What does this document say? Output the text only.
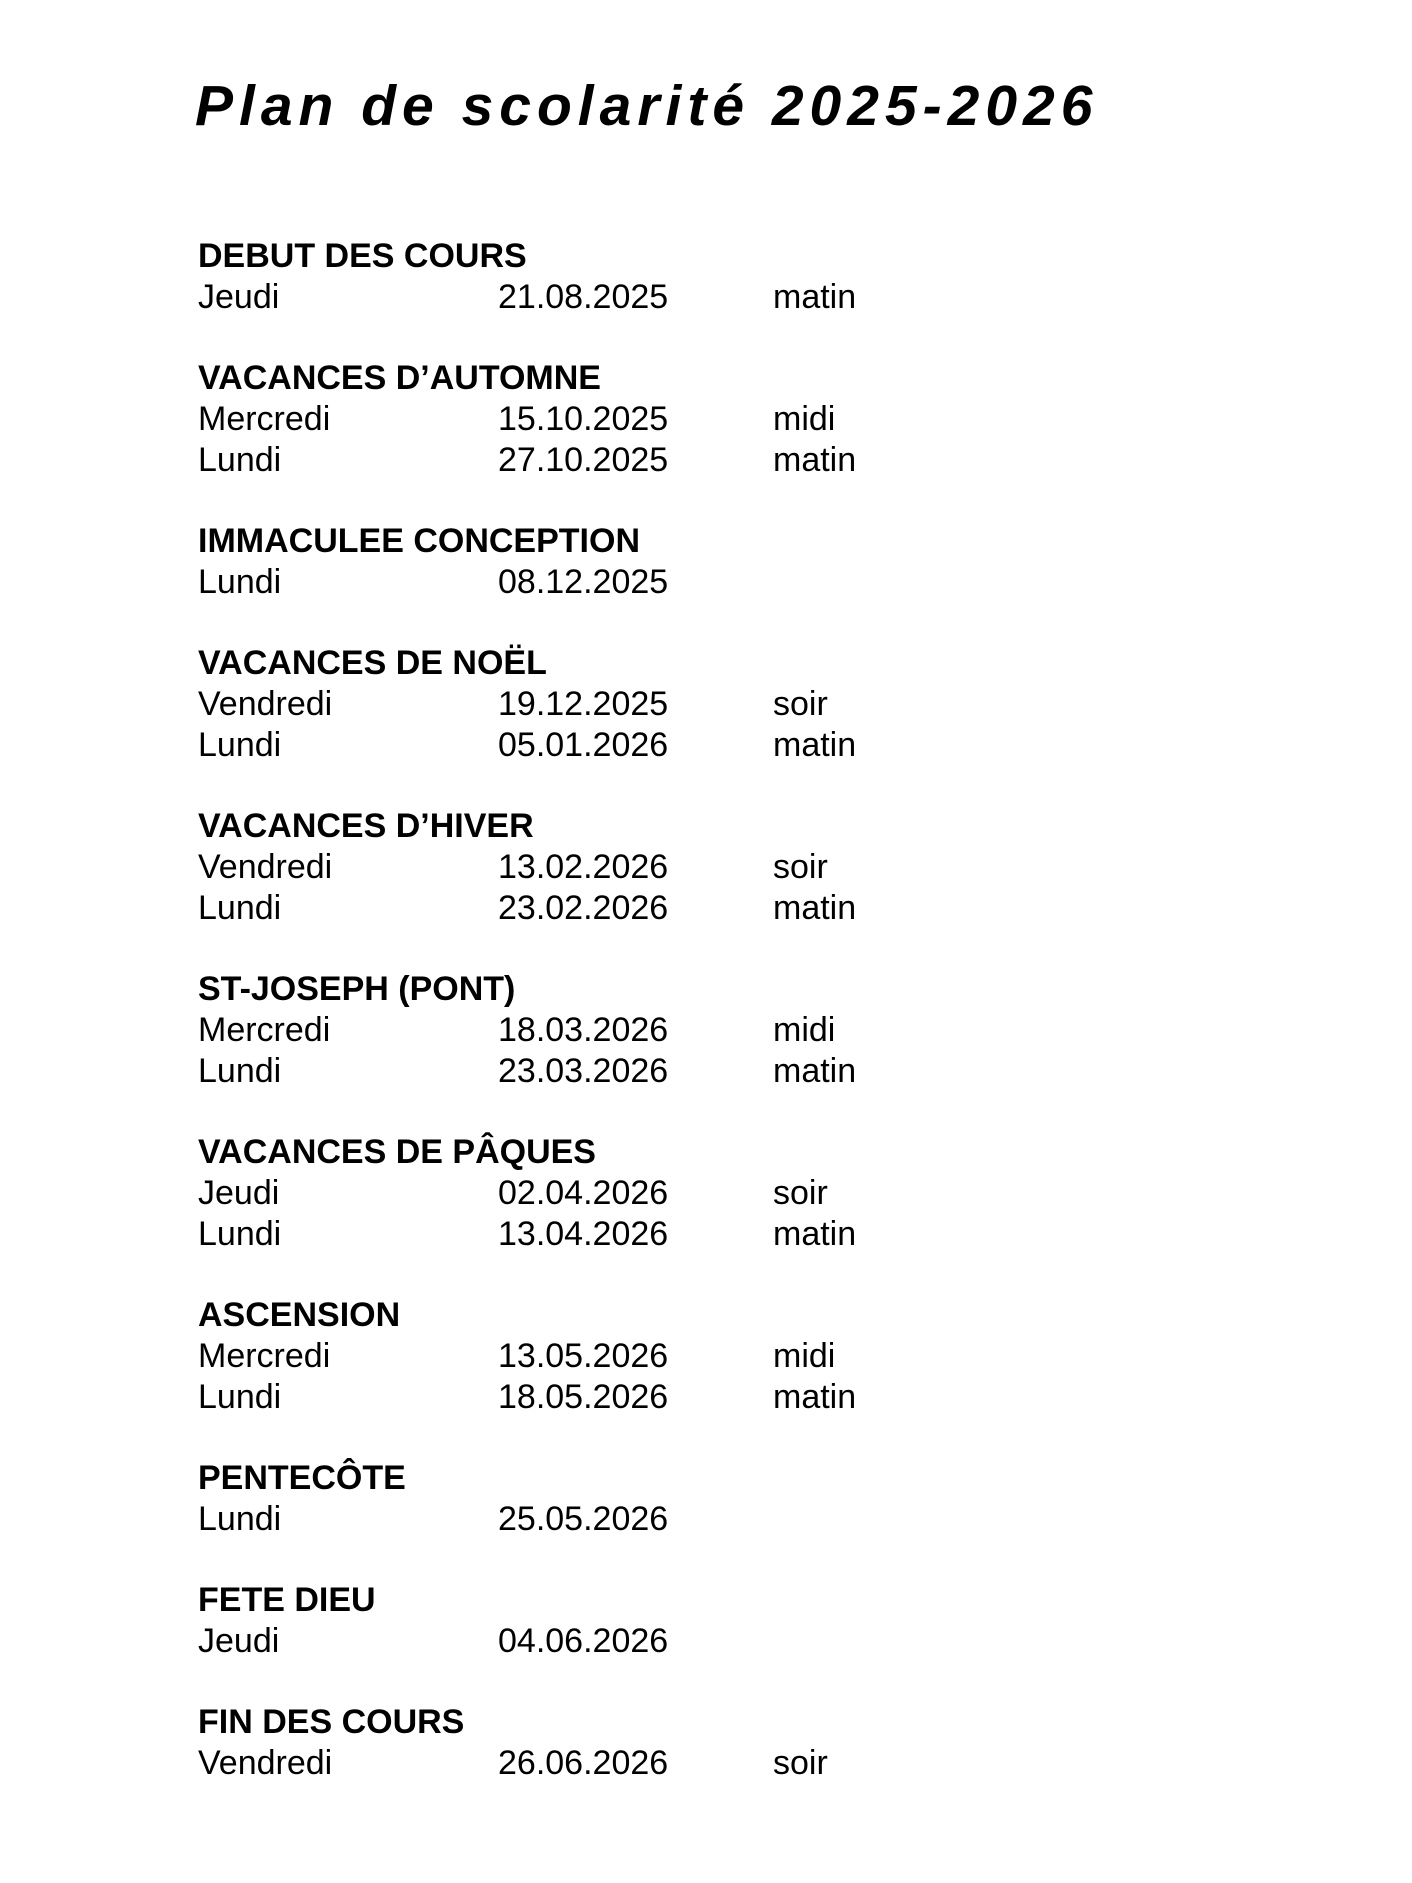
Plan de scolarité 2025-2026
DEBUT DES COURS
Jeudi	21.08.2025	matin
VACANCES D’AUTOMNE
Mercredi	15.10.2025	midi
Lundi	27.10.2025	matin
IMMACULEE CONCEPTION
Lundi	08.12.2025
VACANCES DE NOËL
Vendredi	19.12.2025	soir
Lundi	05.01.2026	matin
VACANCES D’HIVER
Vendredi	13.02.2026	soir
Lundi	23.02.2026	matin
ST-JOSEPH (PONT)
Mercredi	18.03.2026	midi
Lundi	23.03.2026	matin
VACANCES DE PÂQUES
Jeudi	02.04.2026	soir
Lundi	13.04.2026	matin
ASCENSION
Mercredi	13.05.2026	midi
Lundi	18.05.2026	matin
PENTECÔTE
Lundi	25.05.2026
FETE DIEU
Jeudi	04.06.2026
FIN DES COURS
Vendredi	26.06.2026	soir
